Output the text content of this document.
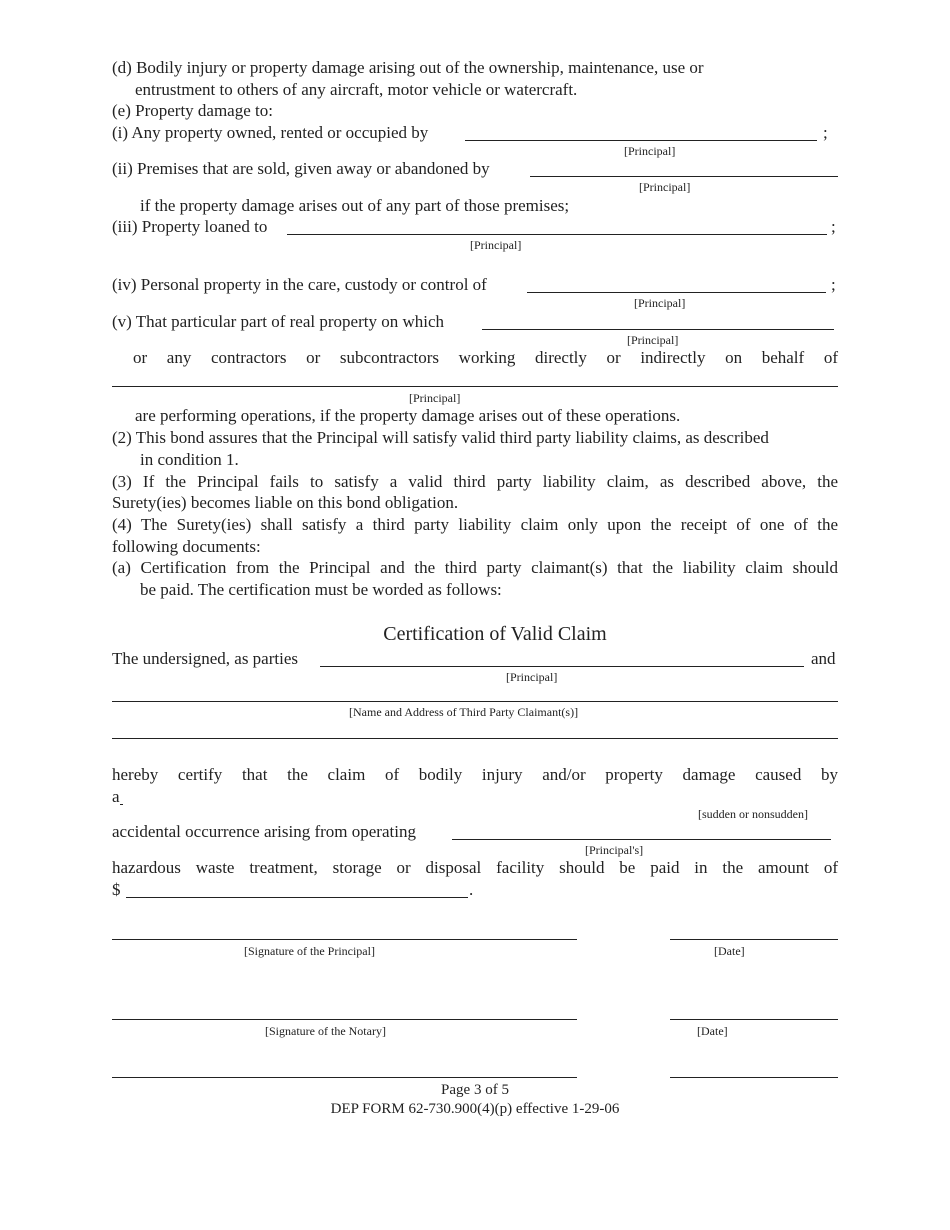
(d) Bodily injury or property damage arising out of the ownership, maintenance, use or
entrustment to others of any aircraft, motor vehicle or watercraft.
(e) Property damage to:
(i) Any property owned, rented or occupied by	;
[Principal]
(ii) Premises that are sold, given away or abandoned by
[Principal]
if the property damage arises out of any part of those premises;
(iii) Property loaned to	;
[Principal]
(iv) Personal property in the care, custody or control of	;
[Principal]
(v) That particular part of real property on which
[Principal]
or any contractors or subcontractors working directly or indirectly on behalf of
[Principal]
are performing operations, if the property damage arises out of these operations.
(2) This bond assures that the Principal will satisfy valid third party liability claims, as described
in condition 1.
(3) If the Principal fails to satisfy a valid third party liability claim, as described above, the
Surety(ies) becomes liable on this bond obligation.
(4) The Surety(ies) shall satisfy a third party liability claim only upon the receipt of one of the
following documents:
(a) Certification from the Principal and the third party claimant(s) that the liability claim should
be paid. The certification must be worded as follows:
Certification of Valid Claim
The undersigned, as parties	and
[Principal]
[Name and Address of Third Party Claimant(s)]
hereby certify that the claim of bodily injury and/or property damage caused by
a
[sudden or nonsudden]
accidental occurrence arising from operating
[Principal's]
hazardous waste treatment, storage or disposal facility should be paid in the amount of
$	.
[Signature of the Principal]	[Date]
[Signature of the Notary]	[Date]
Page 3 of 5
DEP FORM 62-730.900(4)(p) effective 1-29-06
